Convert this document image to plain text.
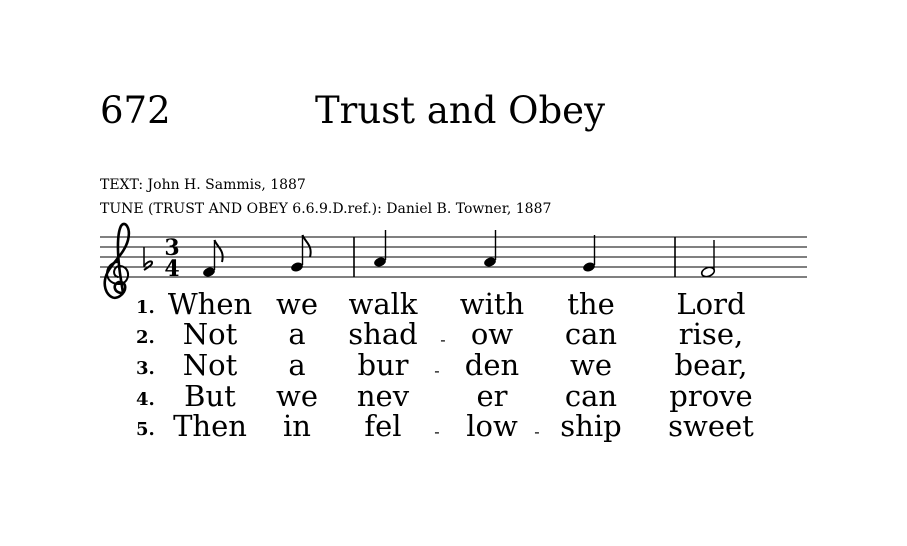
672	Trust and Obey
TEXT: John H. Sammis, 1887
TUNE (TRUST AND OBEY 6.6.9.D.ref.): Daniel B. Towner, 1887
3
4
1. When we walk with the Lord
2. Not a shad ow can rise,
-
3. Not a bur den we bear,
-
4. But we nev er can prove
5. Then in fel low ship sweet
-	-
